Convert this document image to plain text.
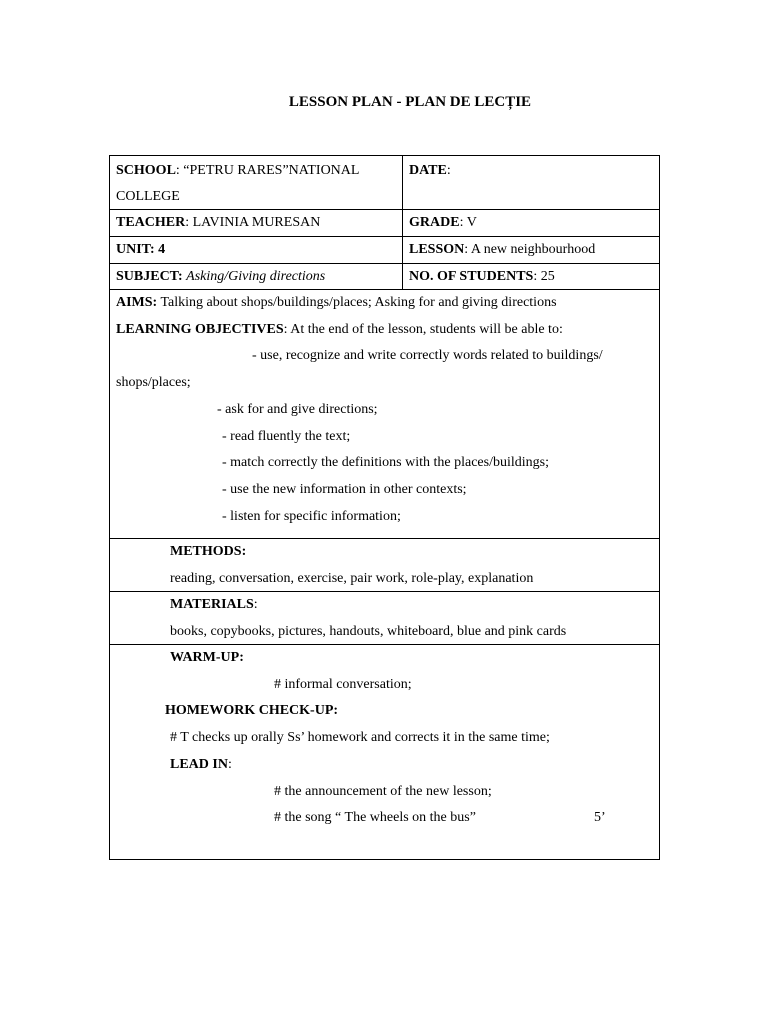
LESSON PLAN - PLAN DE LECȚIE
SCHOOL: “PETRU RARES”NATIONAL
COLLEGE
DATE:
TEACHER: LAVINIA MURESAN	GRADE: V
UNIT: 4	LESSON: A new neighbourhood
SUBJECT: Asking/Giving directions	NO. OF STUDENTS: 25
AIMS: Talking about shops/buildings/places; Asking for and giving directions
LEARNING OBJECTIVES: At the end of the lesson, students will be able to:
- use, recognize and write correctly words related to buildings/
shops/places;
- ask for and give directions;
- read fluently the text;
- match correctly the definitions with the places/buildings;
- use the new information in other contexts;
- listen for specific information;
METHODS:
reading, conversation, exercise, pair work, role-play, explanation
MATERIALS:
books, copybooks, pictures, handouts, whiteboard, blue and pink cards
WARM-UP:
# informal conversation;
HOMEWORK CHECK-UP:
# T checks up orally Ss’ homework and corrects it in the same time;
LEAD IN:
# the announcement of the new lesson;
# the song “ The wheels on the bus”	5’
